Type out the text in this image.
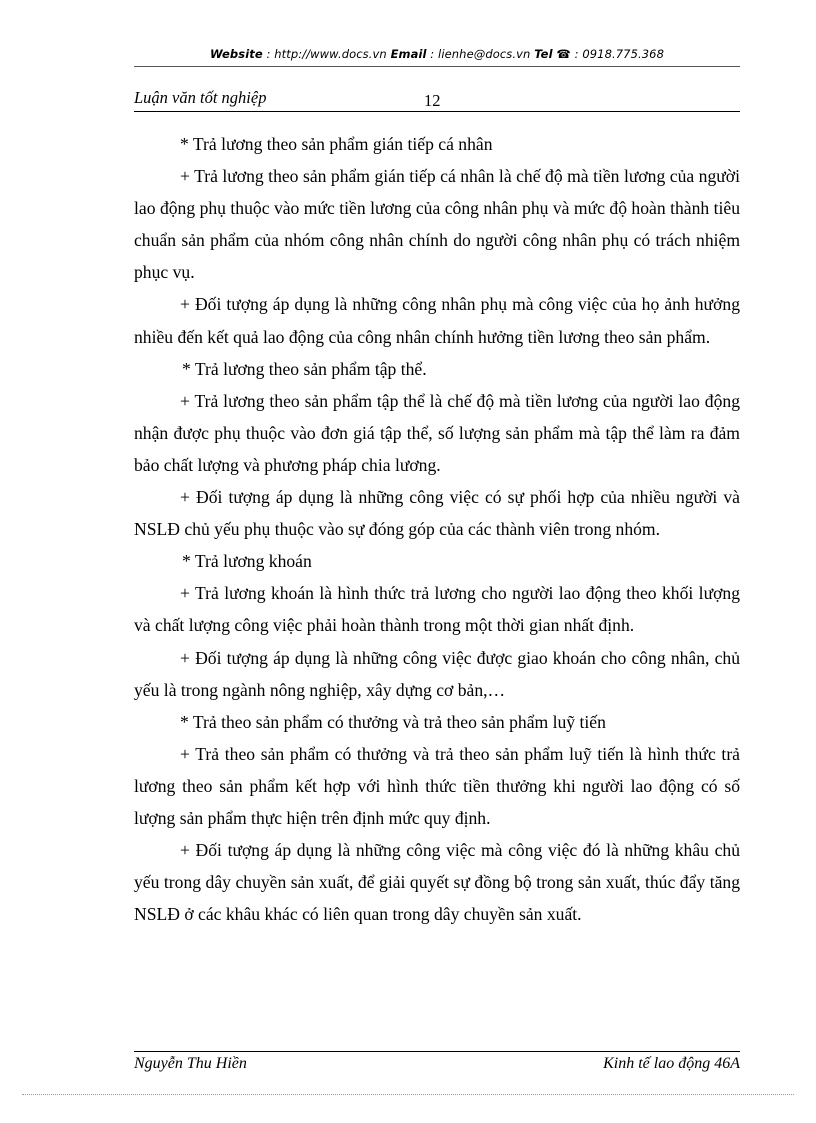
Website : http://www.docs.vn Email : lienhe@docs.vn Tel ☎ : 0918.775.368
Luận văn tốt nghiệp	12

* Trả lương theo sản phẩm gián tiếp cá nhân

+ Trả lương theo sản phẩm gián tiếp cá nhân là chế độ mà tiền lương của người lao động phụ thuộc vào mức tiền lương của công nhân phụ và mức độ hoàn thành tiêu chuẩn sản phẩm của nhóm công nhân chính do người công nhân phụ có trách nhiệm phục vụ.

+ Đối tượng áp dụng là những công nhân phụ mà công việc của họ ảnh hưởng nhiều đến kết quả lao động của công nhân chính hưởng tiền lương theo sản phẩm.

* Trả lương theo sản phẩm tập thể.

+ Trả lương theo sản phẩm tập thể là chế độ mà tiền lương của người lao động nhận được phụ thuộc vào đơn giá tập thể, số lượng sản phẩm mà tập thể làm ra đảm bảo chất lượng và phương pháp chia lương.

+ Đối tượng áp dụng là những công việc có sự phối hợp của nhiều người và NSLĐ chủ yếu phụ thuộc vào sự đóng góp của các thành viên trong nhóm.

* Trả lương khoán

+ Trả lương khoán là hình thức trả lương cho người lao động theo khối lượng và chất lượng công việc phải hoàn thành trong một thời gian nhất định.

+ Đối tượng áp dụng là những công việc được giao khoán cho công nhân, chủ yếu là trong ngành nông nghiệp, xây dựng cơ bản,…

* Trả theo sản phẩm có thưởng và trả theo sản phẩm luỹ tiến

+ Trả theo sản phẩm có thưởng và trả theo sản phẩm luỹ tiến là hình thức trả lương theo sản phẩm kết hợp với hình thức tiền thưởng khi người lao động có số lượng sản phẩm thực hiện trên định mức quy định.

+ Đối tượng áp dụng là những công việc mà công việc đó là những khâu chủ yếu trong dây chuyền sản xuất, để giải quyết sự đồng bộ trong sản xuất, thúc đẩy tăng NSLĐ ở các khâu khác có liên quan trong dây chuyền sản xuất.

Nguyễn Thu Hiền	Kinh tế lao động 46A
